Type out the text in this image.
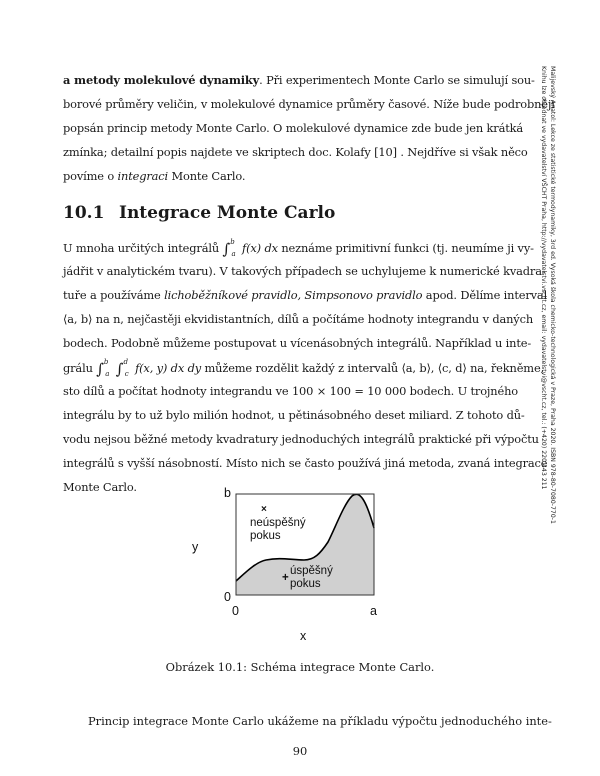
Malijevský Anatol: Lekce ze statistické termodynamiky, 3rd ed. Vysoká škola chemicko-technologická v Praze, Praha 2020. ISBN 978-80-7080-770-1
Knihu lze objednat ve vydavatelství VŠCHT Praha, http://vydavatelstvi.vscht.cz, email: vydavatelstvi@vscht.cz, tel.: (+420) 220 443 211
a metody molekulové dynamiky. Při experimentech Monte Carlo se simulují sou-
borové průměry veličin, v molekulové dynamice průměry časové. Níže bude podrobněji
popsán princip metody Monte Carlo. O molekulové dynamice zde bude jen krátká
zmínka; detailní popis najdete ve skriptech doc. Kolafy [10] . Nejdříve si však něco
povíme o integraci Monte Carlo.
10.1 Integrace Monte Carlo
U mnoha určitých integrálů ∫$^b_a$ f(x) dx neznáme primitivní funkci (tj. neumíme ji vy-
jádřit v analytickém tvaru). V takových případech se uchylujeme k numerické kvadra-
tuře a používáme lichoběžníkové pravidlo, Simpsonovo pravidlo apod. Dělíme interval
⟨a, b⟩ na n, nejčastěji ekvidistantních, dílů a počítáme hodnoty integrandu v daných
bodech. Podobně můžeme postupovat u vícenásobných integrálů. Například u inte-
grálu ∫$^b_a$ ∫$^d_c$ f(x, y) dx dy můžeme rozdělit každý z intervalů ⟨a, b⟩, ⟨c, d⟩ na, řekněme,
sto dílů a počítat hodnoty integrandu ve 100 × 100 = 10 000 bodech. U trojného
integrálu by to už bylo milión hodnot, u pětinásobného deset miliard. Z tohoto dů-
vodu nejsou běžné metody kvadratury jednoduchých integrálů praktické při výpočtu
integrálů s vyšší násobností. Místo nich se často používá jiná metoda, zvaná integrace
Monte Carlo.	b
0
0	a
y
x
×
neúspěšný
pokus
+
úspěšný
pokus
Obrázek 10.1: Schéma integrace Monte Carlo.
Princip integrace Monte Carlo ukážeme na příkladu výpočtu jednoduchého inte-
90
